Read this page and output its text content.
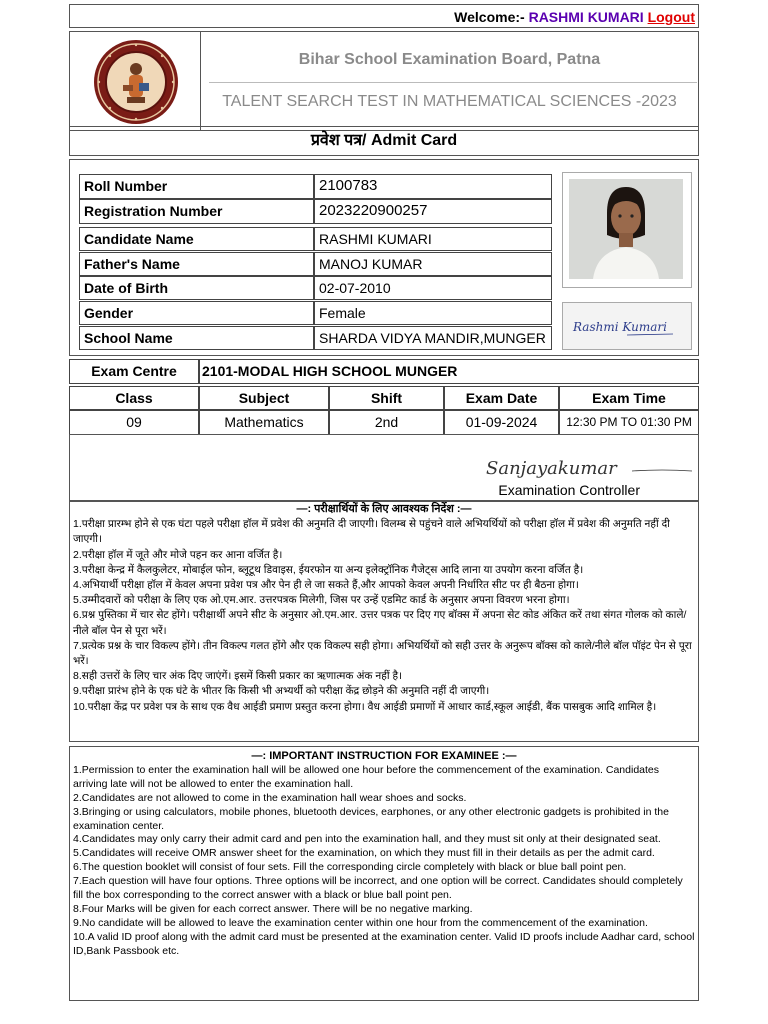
Welcome:- RASHMI KUMARI Logout
Bihar School Examination Board, Patna
TALENT SEARCH TEST IN MATHEMATICAL SCIENCES -2023
प्रवेश पत्र/ Admit Card
Roll Number	2100783
Registration Number	2023220900257
Candidate Name	RASHMI KUMARI
Father's Name	MANOJ KUMAR
Date of Birth	02-07-2010
Gender	Female
School Name	SHARDA VIDYA MANDIR,MUNGER
Rashmi Kumari
Exam Centre	2101-MODAL HIGH SCHOOL MUNGER
Class	Subject	Shift	Exam Date	Exam Time
09	Mathematics	2nd	01-09-2024	12:30 PM TO 01:30 PM
Sanjayakumar
Examination Controller
—: परीक्षार्थियों के लिए आवश्यक निर्देश :—

1.परीक्षा प्रारम्भ होने से एक घंटा पहले परीक्षा हॉल में प्रवेश की अनुमति दी जाएगी। विलम्ब से पहुंचने वाले अभियर्थियों को परीक्षा हॉल में प्रवेश की अनुमति नहीं दी जाएगी।

2.परीक्षा हॉल में जूते और मोजे पहन कर आना वर्जित है।

3.परीक्षा केन्द्र में कैलकुलेटर, मोबाईल फोन, ब्लूटूथ डिवाइस, ईयरफोन या अन्य इलेक्ट्रॉनिक गैजेट्स आदि लाना या उपयोग करना वर्जित है।

4.अभियार्थी परीक्षा हॉल में केवल अपना प्रवेश पत्र और पेन ही ले जा सकते हैं,और आपको केवल अपनी निर्धारित सीट पर ही बैठना होगा।

5.उम्मीदवारों को परीक्षा के लिए एक ओ.एम.आर. उत्तरपत्रक मिलेगी, जिस पर उन्हें एडमिट कार्ड के अनुसार अपना विवरण भरना होगा।

6.प्रश्न पुस्तिका में चार सेट होंगे। परीक्षार्थी अपने सीट के अनुसार ओ.एम.आर. उत्तर पत्रक पर दिए गए बॉक्स में अपना सेट कोड अंकित करें तथा संगत गोलक को काले/नीले बॉल पेन से पूरा भरें।

7.प्रत्येक प्रश्न के चार विकल्प होंगे। तीन विकल्प गलत होंगे और एक विकल्प सही होगा। अभियर्थियों को सही उत्तर के अनुरूप बॉक्स को काले/नीले बॉल पॉइंट पेन से पूरा भरें।

8.सही उत्तरों के लिए चार अंक दिए जाएंगें। इसमें किसी प्रकार का ऋणात्मक अंक नहीं है।

9.परीक्षा प्रारंभ होने के एक घंटे के भीतर कि किसी भी अभ्यर्थी को परीक्षा केंद्र छोड़ने की अनुमति नहीं दी जाएगी।

10.परीक्षा केंद्र पर प्रवेश पत्र के साथ एक वैध आईडी प्रमाण प्रस्तुत करना होगा। वैध आईडी प्रमाणों में आधार कार्ड,स्कूल आईडी, बैंक पासबुक आदि शामिल है।

—: IMPORTANT INSTRUCTION FOR EXAMINEE :—

1.Permission to enter the examination hall will be allowed one hour before the commencement of the examination. Candidates arriving late will not be allowed to enter the examination hall.

2.Candidates are not allowed to come in the examination hall wear shoes and socks.

3.Bringing or using calculators, mobile phones, bluetooth devices, earphones, or any other electronic gadgets is prohibited in the examination center.

4.Candidates may only carry their admit card and pen into the examination hall, and they must sit only at their designated seat.

5.Candidates will receive OMR answer sheet for the examination, on which they must fill in their details as per the admit card.

6.The question booklet will consist of four sets. Fill the corresponding circle completely with black or blue ball point pen.

7.Each question will have four options. Three options will be incorrect, and one option will be correct. Candidates should completely fill the box corresponding to the correct answer with a black or blue ball point pen.

8.Four Marks will be given for each correct answer. There will be no negative marking.

9.No candidate will be allowed to leave the examination center within one hour from the commencement of the examination.

10.A valid ID proof along with the admit card must be presented at the examination center. Valid ID proofs include Aadhar card, school ID,Bank Passbook etc.
